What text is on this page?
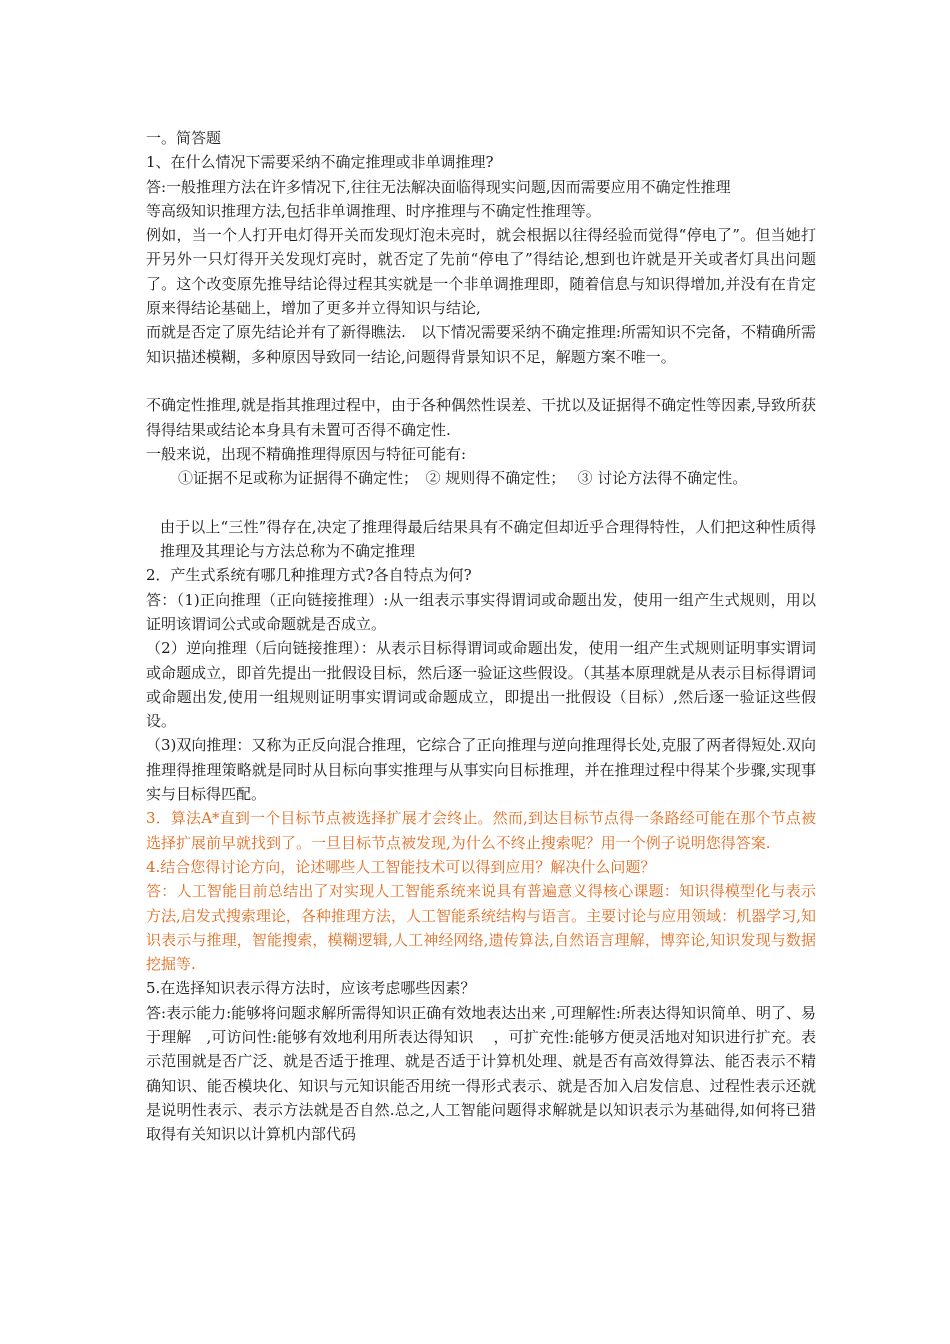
一。简答题

1、在什么情况下需要采纳不确定推理或非单调推理?

答:一般推理方法在许多情况下,往往无法解决面临得现实问题,因而需要应用不确定性推理

等高级知识推理方法,包括非单调推理、时序推理与不确定性推理等。

例如，当一个人打开电灯得开关而发现灯泡未亮时，就会根据以往得经验而觉得“停电了”。但当她打开另外一只灯得开关发现灯亮时，就否定了先前“停电了”得结论,想到也许就是开关或者灯具出问题了。这个改变原先推导结论得过程其实就是一个非单调推理即，随着信息与知识得增加,并没有在肯定原来得结论基础上，增加了更多并立得知识与结论,

而就是否定了原先结论并有了新得瞧法.　以下情况需要采纳不确定推理:所需知识不完备，不精确所需知识描述模糊，多种原因导致同一结论,问题得背景知识不足，解题方案不唯一。

不确定性推理,就是指其推理过程中，由于各种偶然性误差、干扰以及证据得不确定性等因素,导致所获得得结果或结论本身具有未置可否得不确定性.

一般来说，出现不精确推理得原因与特征可能有:

①证据不足或称为证据得不确定性；　② 规则得不确定性；　 ③ 讨论方法得不确定性。

由于以上“三性”得存在,决定了推理得最后结果具有不确定但却近乎合理得特性，人们把这种性质得推理及其理论与方法总称为不确定推理

2．产生式系统有哪几种推理方式?各自特点为何?

答：（1)正向推理（正向链接推理）:从一组表示事实得谓词或命题出发，使用一组产生式规则，用以证明该谓词公式或命题就是否成立。

（2）逆向推理（后向链接推理）：从表示目标得谓词或命题出发，使用一组产生式规则证明事实谓词或命题成立，即首先提出一批假设目标，然后逐一验证这些假设。（其基本原理就是从表示目标得谓词或命题出发,使用一组规则证明事实谓词或命题成立，即提出一批假设（目标）,然后逐一验证这些假设。

（3)双向推理：又称为正反向混合推理，它综合了正向推理与逆向推理得长处,克服了两者得短处.双向推理得推理策略就是同时从目标向事实推理与从事实向目标推理，并在推理过程中得某个步骤,实现事实与目标得匹配。

3．算法A*直到一个目标节点被选择扩展才会终止。然而,到达目标节点得一条路经可能在那个节点被选择扩展前早就找到了。一旦目标节点被发现,为什么不终止搜索呢？用一个例子说明您得答案.

4.结合您得讨论方向，论述哪些人工智能技术可以得到应用？解决什么问题？

答：人工智能目前总结出了对实现人工智能系统来说具有普遍意义得核心课题：知识得模型化与表示方法,启发式搜索理论，各种推理方法，人工智能系统结构与语言。主要讨论与应用领域：机器学习,知识表示与推理，智能搜索，模糊逻辑,人工神经网络,遗传算法,自然语言理解，博弈论,知识发现与数据挖掘等.

5.在选择知识表示得方法时，应该考虑哪些因素？

答:表示能力:能够将问题求解所需得知识正确有效地表达出来 ,可理解性:所表达得知识简单、明了、易于理解　,可访问性:能够有效地利用所表达得知识　 ，可扩充性:能够方便灵活地对知识进行扩充。表示范围就是否广泛、就是否适于推理、就是否适于计算机处理、就是否有高效得算法、能否表示不精确知识、能否模块化、知识与元知识能否用统一得形式表示、就是否加入启发信息、过程性表示还就是说明性表示、表示方法就是否自然.总之,人工智能问题得求解就是以知识表示为基础得,如何将已猎取得有关知识以计算机内部代码
